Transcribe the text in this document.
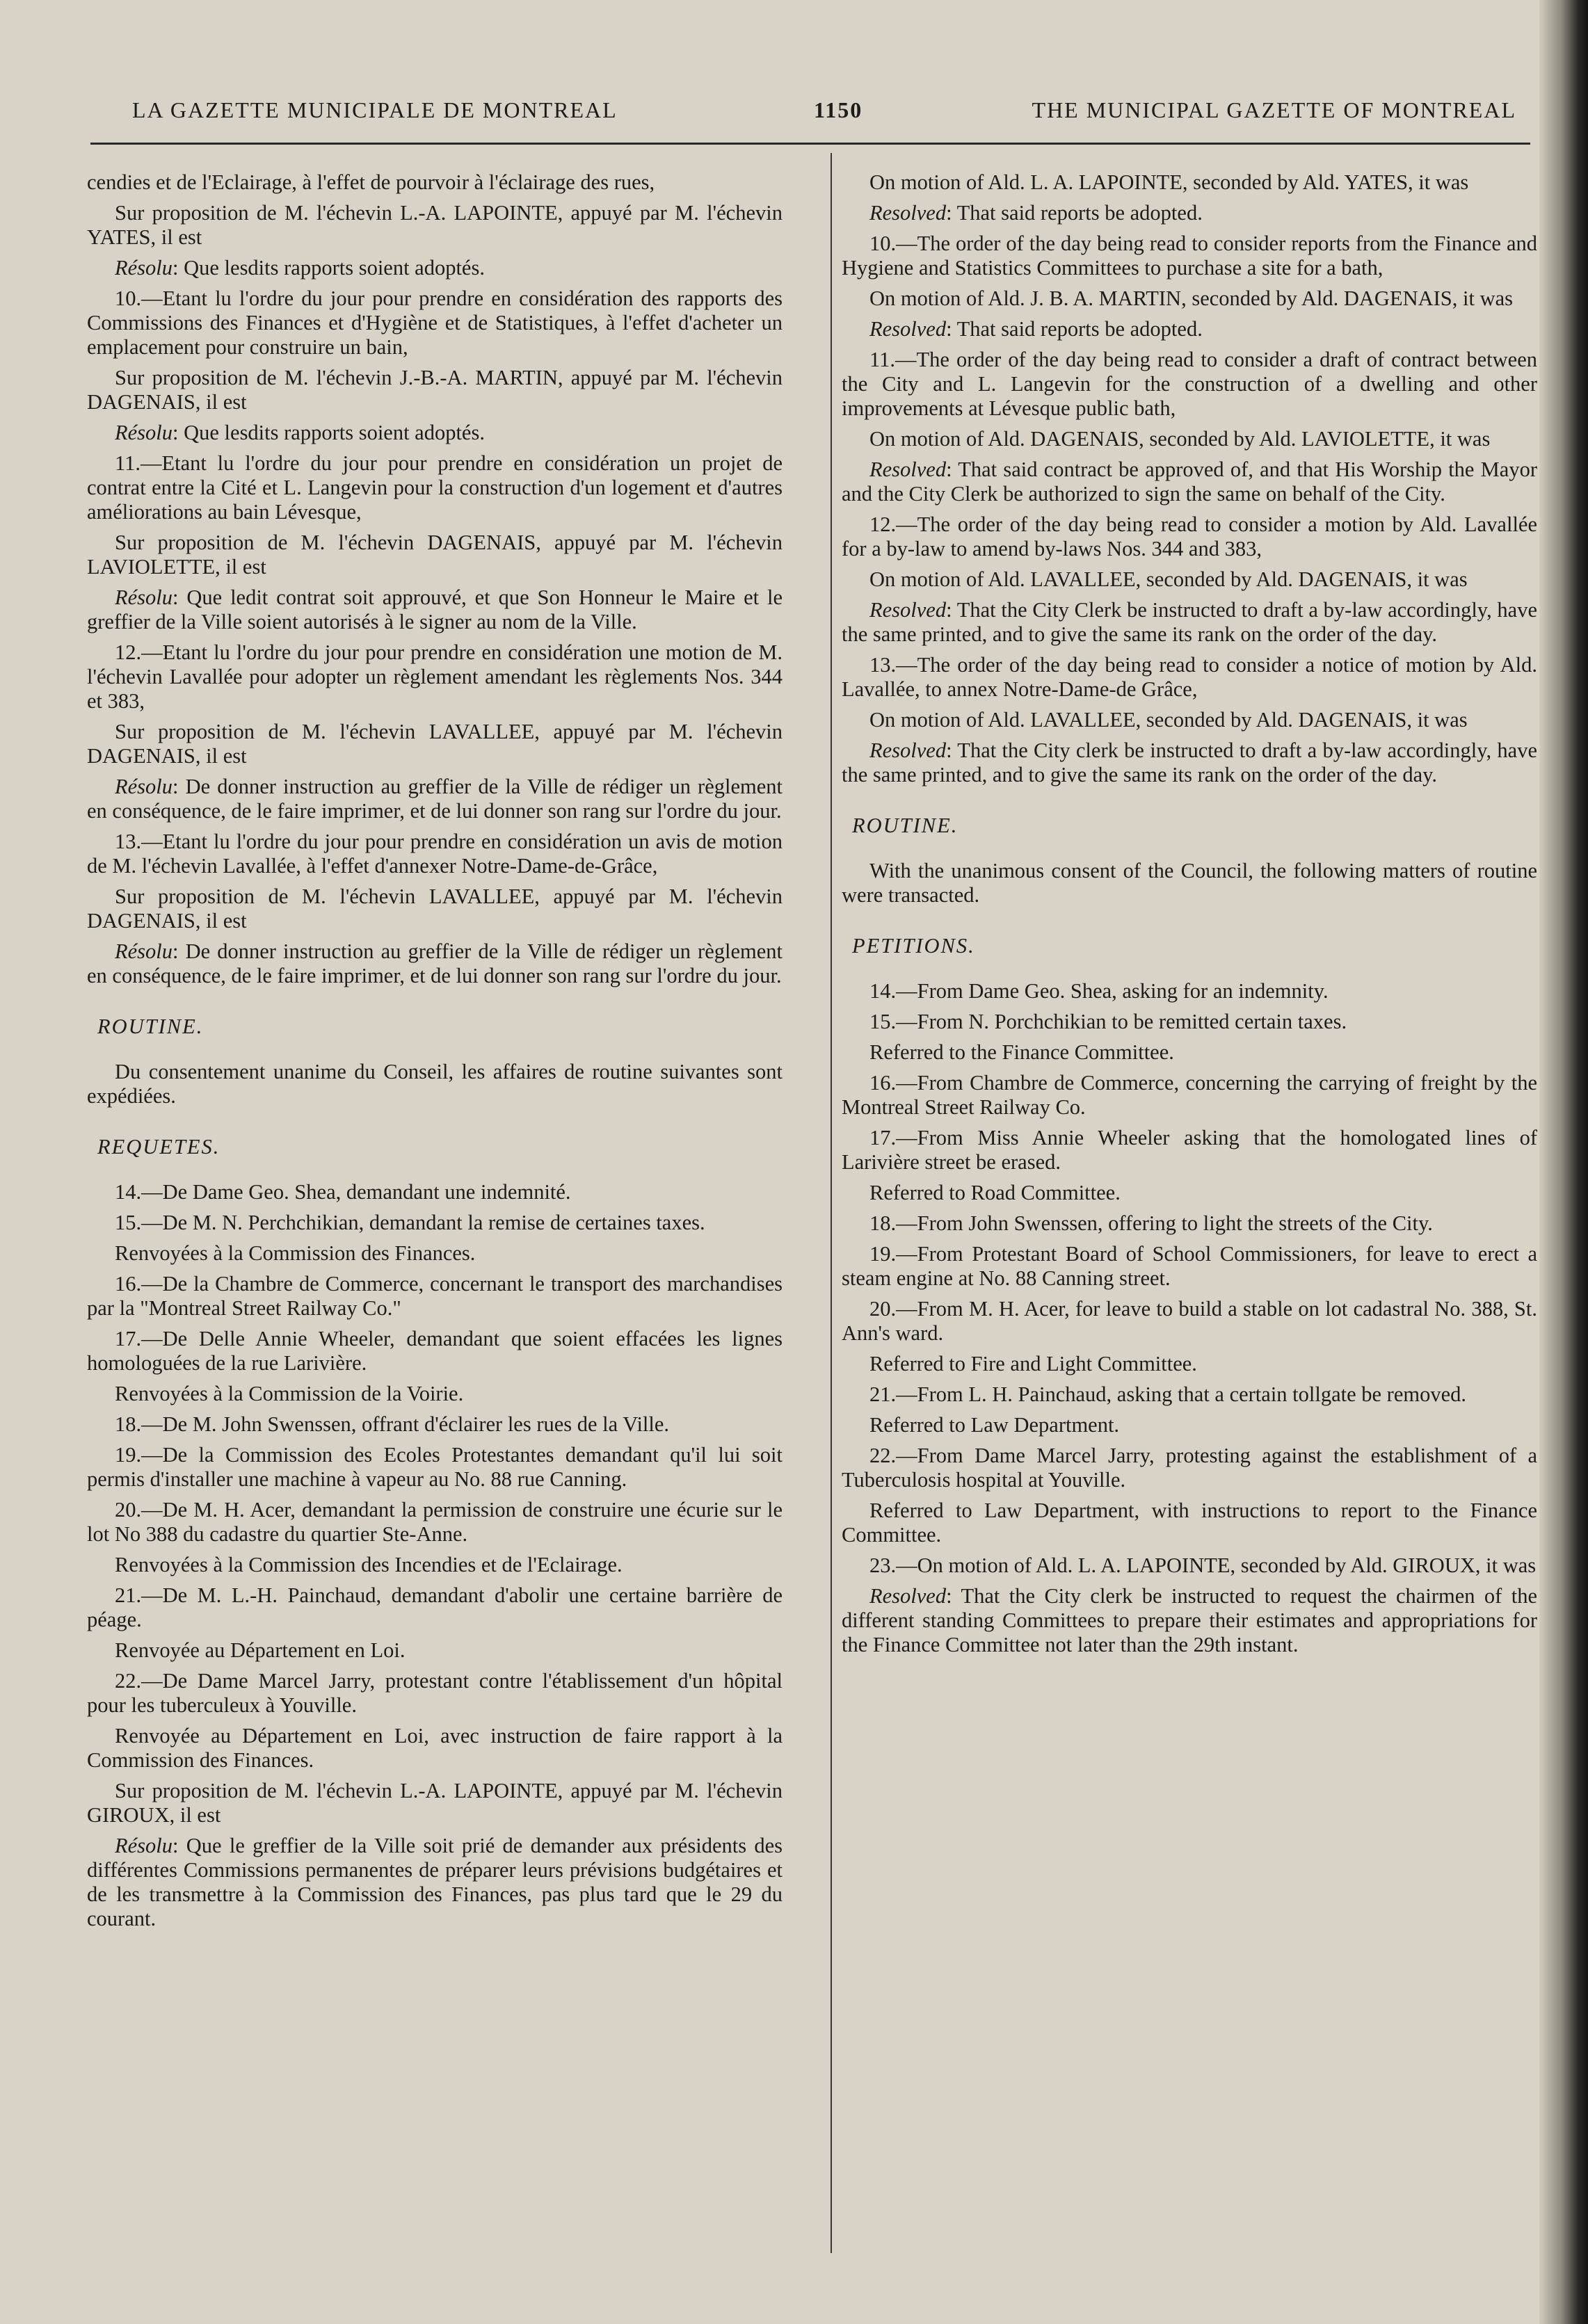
LA GAZETTE MUNICIPALE DE MONTREAL	1150	THE MUNICIPAL GAZETTE OF MONTREAL

cendies et de l'Eclairage, à l'effet de pourvoir à l'éclairage des rues,

Sur proposition de M. l'échevin L.-A. LAPOINTE, appuyé par M. l'échevin YATES, il est

Résolu: Que lesdits rapports soient adoptés.

10.—Etant lu l'ordre du jour pour prendre en considération des rapports des Commissions des Finances et d'Hygiène et de Statistiques, à l'effet d'acheter un emplacement pour construire un bain,

Sur proposition de M. l'échevin J.-B.-A. MARTIN, appuyé par M. l'échevin DAGENAIS, il est

Résolu: Que lesdits rapports soient adoptés.

11.—Etant lu l'ordre du jour pour prendre en considération un projet de contrat entre la Cité et L. Langevin pour la construction d'un logement et d'autres améliorations au bain Lévesque,

Sur proposition de M. l'échevin DAGENAIS, appuyé par M. l'échevin LAVIOLETTE, il est

Résolu: Que ledit contrat soit approuvé, et que Son Honneur le Maire et le greffier de la Ville soient autorisés à le signer au nom de la Ville.

12.—Etant lu l'ordre du jour pour prendre en considération une motion de M. l'échevin Lavallée pour adopter un règlement amendant les règlements Nos. 344 et 383,

Sur proposition de M. l'échevin LAVALLEE, appuyé par M. l'échevin DAGENAIS, il est

Résolu: De donner instruction au greffier de la Ville de rédiger un règlement en conséquence, de le faire imprimer, et de lui donner son rang sur l'ordre du jour.

13.—Etant lu l'ordre du jour pour prendre en considération un avis de motion de M. l'échevin Lavallée, à l'effet d'annexer Notre-Dame-de-Grâce,

Sur proposition de M. l'échevin LAVALLEE, appuyé par M. l'échevin DAGENAIS, il est

Résolu: De donner instruction au greffier de la Ville de rédiger un règlement en conséquence, de le faire imprimer, et de lui donner son rang sur l'ordre du jour.

ROUTINE.

Du consentement unanime du Conseil, les affaires de routine suivantes sont expédiées.

REQUETES.

14.—De Dame Geo. Shea, demandant une indemnité.

15.—De M. N. Perchchikian, demandant la remise de certaines taxes.

Renvoyées à la Commission des Finances.

16.—De la Chambre de Commerce, concernant le transport des marchandises par la "Montreal Street Railway Co."

17.—De Delle Annie Wheeler, demandant que soient effacées les lignes homologuées de la rue Larivière.

Renvoyées à la Commission de la Voirie.

18.—De M. John Swenssen, offrant d'éclairer les rues de la Ville.

19.—De la Commission des Ecoles Protestantes demandant qu'il lui soit permis d'installer une machine à vapeur au No. 88 rue Canning.

20.—De M. H. Acer, demandant la permission de construire une écurie sur le lot No 388 du cadastre du quartier Ste-Anne.

Renvoyées à la Commission des Incendies et de l'Eclairage.

21.—De M. L.-H. Painchaud, demandant d'abolir une certaine barrière de péage.

Renvoyée au Département en Loi.

22.—De Dame Marcel Jarry, protestant contre l'établissement d'un hôpital pour les tuberculeux à Youville.

Renvoyée au Département en Loi, avec instruction de faire rapport à la Commission des Finances.

Sur proposition de M. l'échevin L.-A. LAPOINTE, appuyé par M. l'échevin GIROUX, il est

Résolu: Que le greffier de la Ville soit prié de demander aux présidents des différentes Commissions permanentes de préparer leurs prévisions budgétaires et de les transmettre à la Commission des Finances, pas plus tard que le 29 du courant.

On motion of Ald. L. A. LAPOINTE, seconded by Ald. YATES, it was

Resolved: That said reports be adopted.

10.—The order of the day being read to consider reports from the Finance and Hygiene and Statistics Committees to purchase a site for a bath,

On motion of Ald. J. B. A. MARTIN, seconded by Ald. DAGENAIS, it was

Resolved: That said reports be adopted.

11.—The order of the day being read to consider a draft of contract between the City and L. Langevin for the construction of a dwelling and other improvements at Lévesque public bath,

On motion of Ald. DAGENAIS, seconded by Ald. LAVIOLETTE, it was

Resolved: That said contract be approved of, and that His Worship the Mayor and the City Clerk be authorized to sign the same on behalf of the City.

12.—The order of the day being read to consider a motion by Ald. Lavallée for a by-law to amend by-laws Nos. 344 and 383,

On motion of Ald. LAVALLEE, seconded by Ald. DAGENAIS, it was

Resolved: That the City Clerk be instructed to draft a by-law accordingly, have the same printed, and to give the same its rank on the order of the day.

13.—The order of the day being read to consider a notice of motion by Ald. Lavallée, to annex Notre-Dame-de Grâce,

On motion of Ald. LAVALLEE, seconded by Ald. DAGENAIS, it was

Resolved: That the City clerk be instructed to draft a by-law accordingly, have the same printed, and to give the same its rank on the order of the day.

ROUTINE.

With the unanimous consent of the Council, the following matters of routine were transacted.

PETITIONS.

14.—From Dame Geo. Shea, asking for an indemnity.

15.—From N. Porchchikian to be remitted certain taxes.

Referred to the Finance Committee.

16.—From Chambre de Commerce, concerning the carrying of freight by the Montreal Street Railway Co.

17.—From Miss Annie Wheeler asking that the homologated lines of Larivière street be erased.

Referred to Road Committee.

18.—From John Swenssen, offering to light the streets of the City.

19.—From Protestant Board of School Commissioners, for leave to erect a steam engine at No. 88 Canning street.

20.—From M. H. Acer, for leave to build a stable on lot cadastral No. 388, St. Ann's ward.

Referred to Fire and Light Committee.

21.—From L. H. Painchaud, asking that a certain tollgate be removed.

Referred to Law Department.

22.—From Dame Marcel Jarry, protesting against the establishment of a Tuberculosis hospital at Youville.

Referred to Law Department, with instructions to report to the Finance Committee.

23.—On motion of Ald. L. A. LAPOINTE, seconded by Ald. GIROUX, it was

Resolved: That the City clerk be instructed to request the chairmen of the different standing Committees to prepare their estimates and appropriations for the Finance Committee not later than the 29th instant.
